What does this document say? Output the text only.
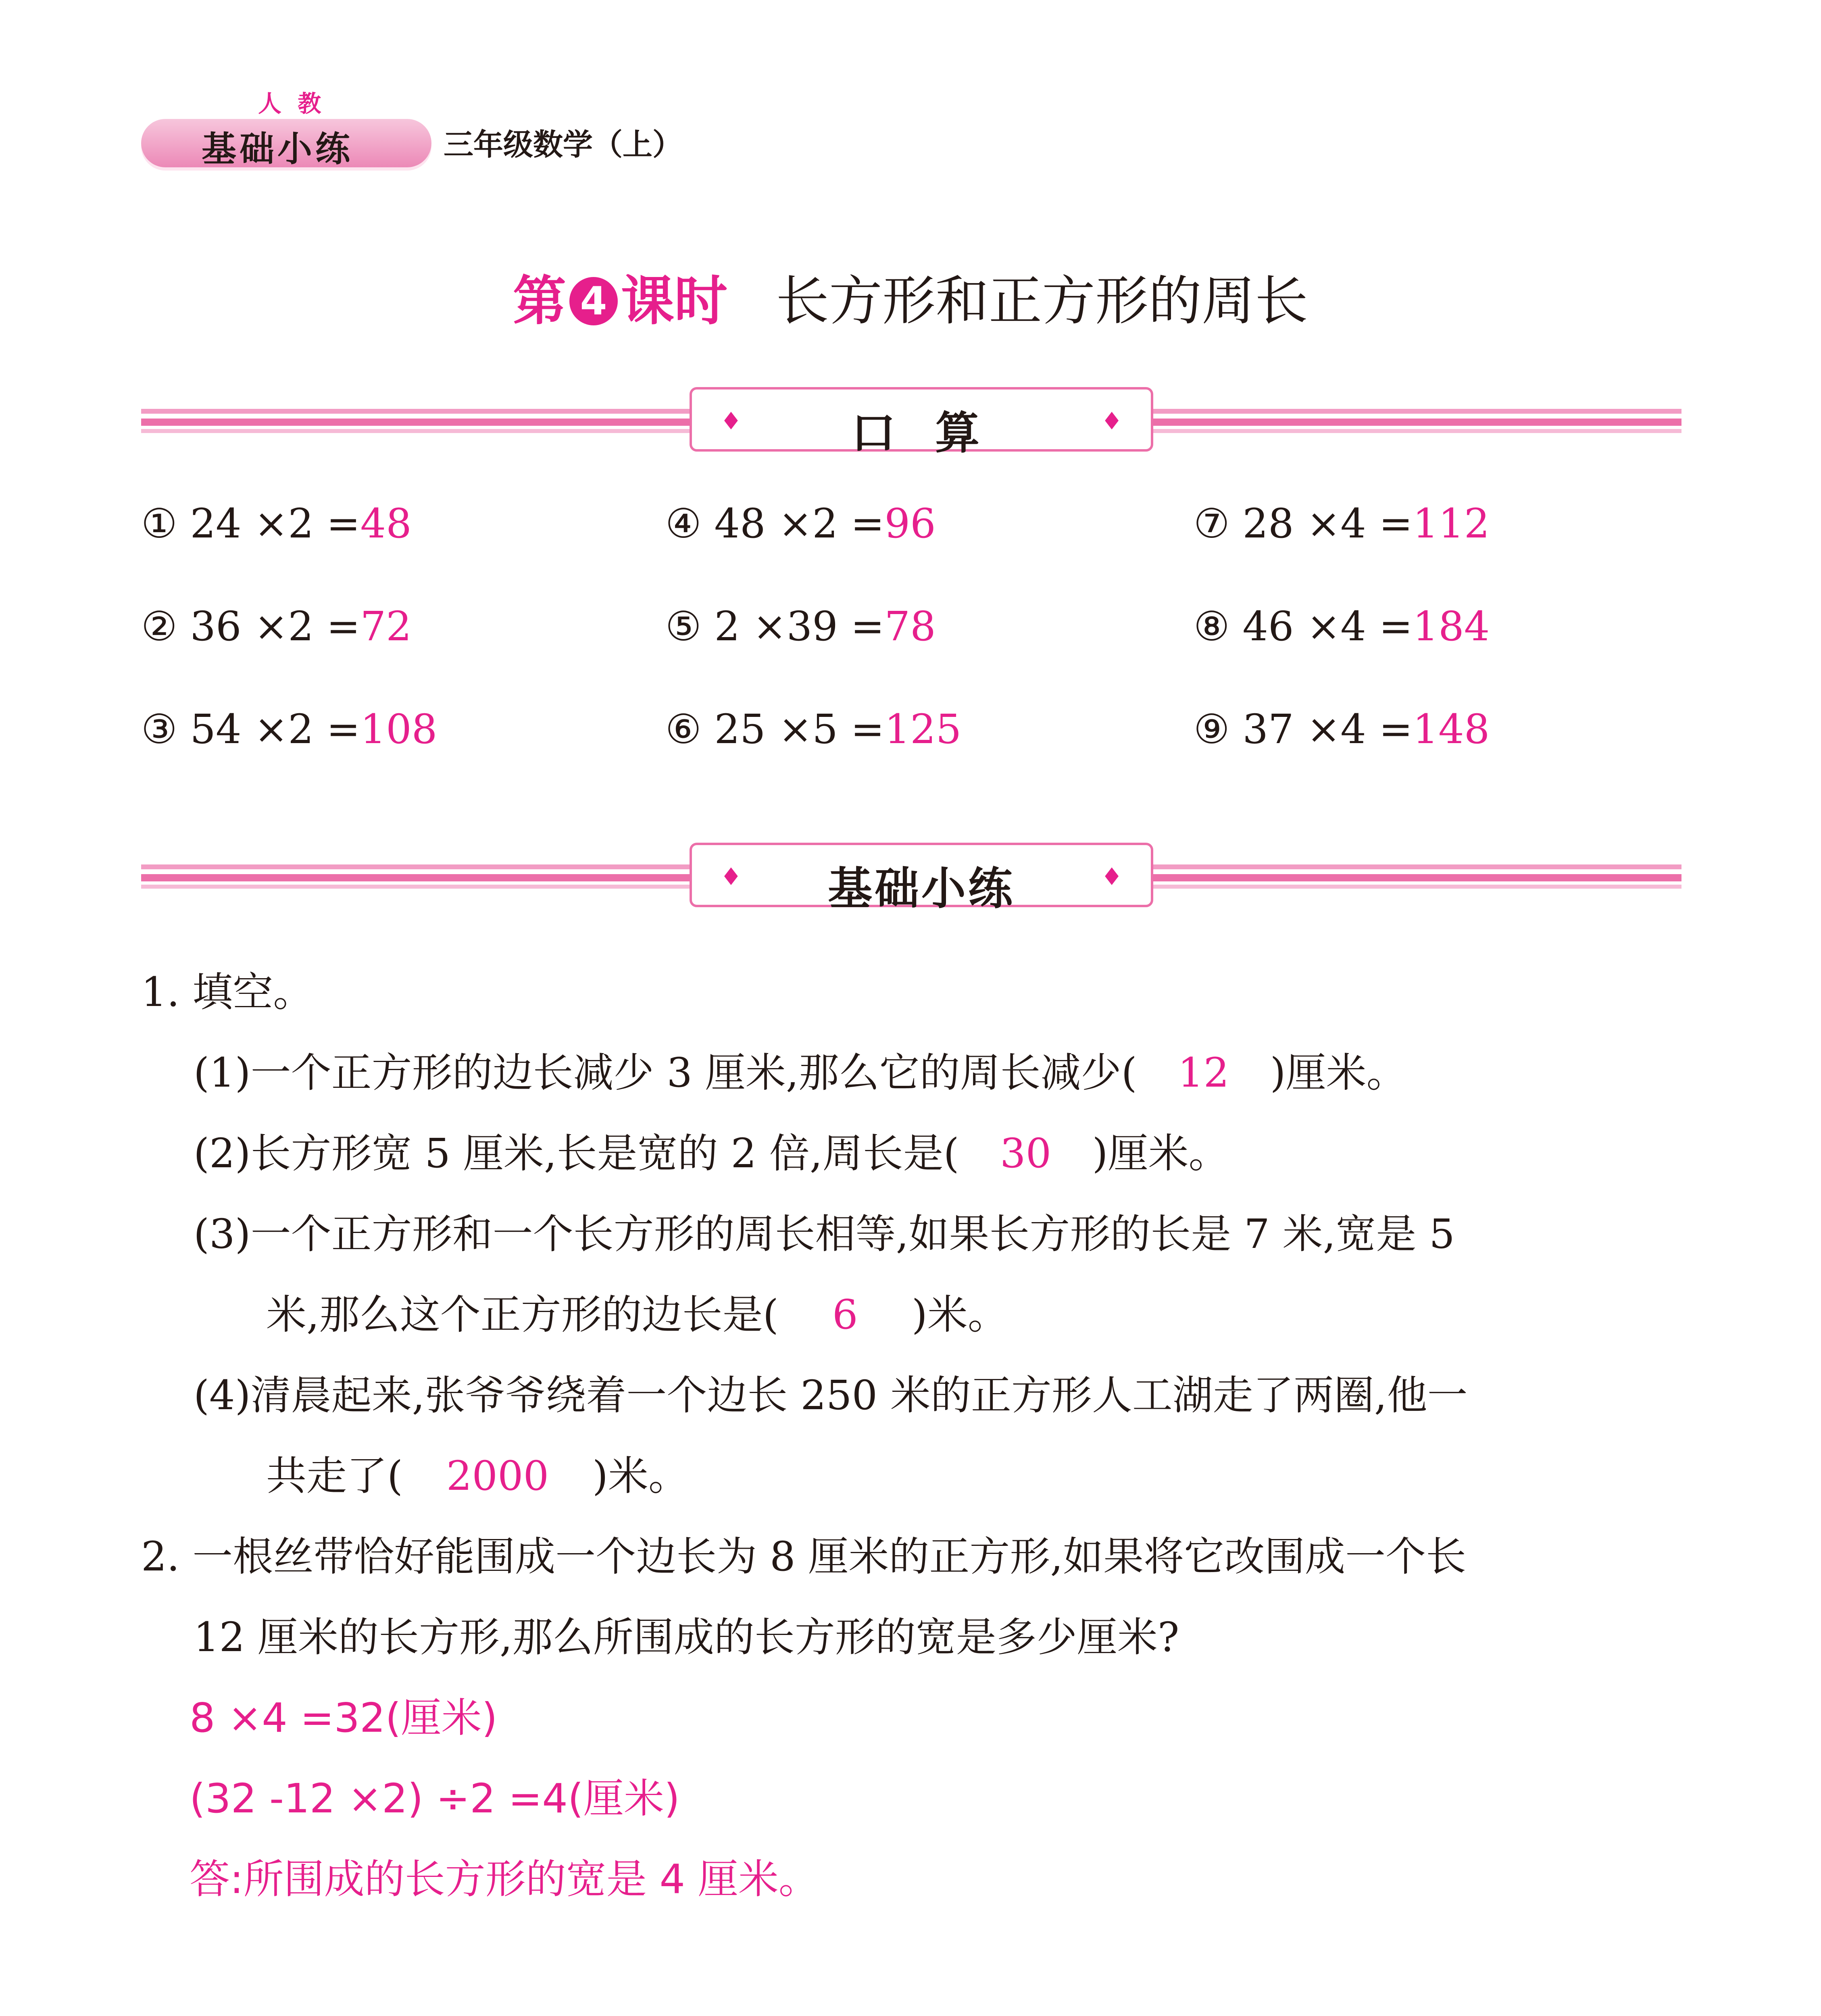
人 教
基础小练	三年级数学（上）
第 4 课时 长方形和正方形的周长
♦	口 算	♦
① 24 ×2 =48
② 36 ×2 =72
③ 54 ×2 =108
④ 48 ×2 =96
⑤ 2 ×39 =78
⑥ 25 ×5 =125
⑦ 28 ×4 =112
⑧ 46 ×4 =184
⑨ 37 ×4 =148
♦	基础小练	♦
1. 填空。
(1)一个正方形的边长减少 3 厘米,那么它的周长减少( 12 )厘米。
(2)长方形宽 5 厘米,长是宽的 2 倍,周长是( 30 )厘米。
(3)一个正方形和一个长方形的周长相等,如果长方形的长是 7 米,宽是 5
米,那么这个正方形的边长是( 6 )米。
(4)清晨起来,张爷爷绕着一个边长 250 米的正方形人工湖走了两圈,他一
共走了( 2000 )米。
2. 一根丝带恰好能围成一个边长为 8 厘米的正方形,如果将它改围成一个长
12 厘米的长方形,那么所围成的长方形的宽是多少厘米?
8 ×4 =32(厘米)
(32 -12 ×2) ÷2 =4(厘米)
答:所围成的长方形的宽是 4 厘米。
